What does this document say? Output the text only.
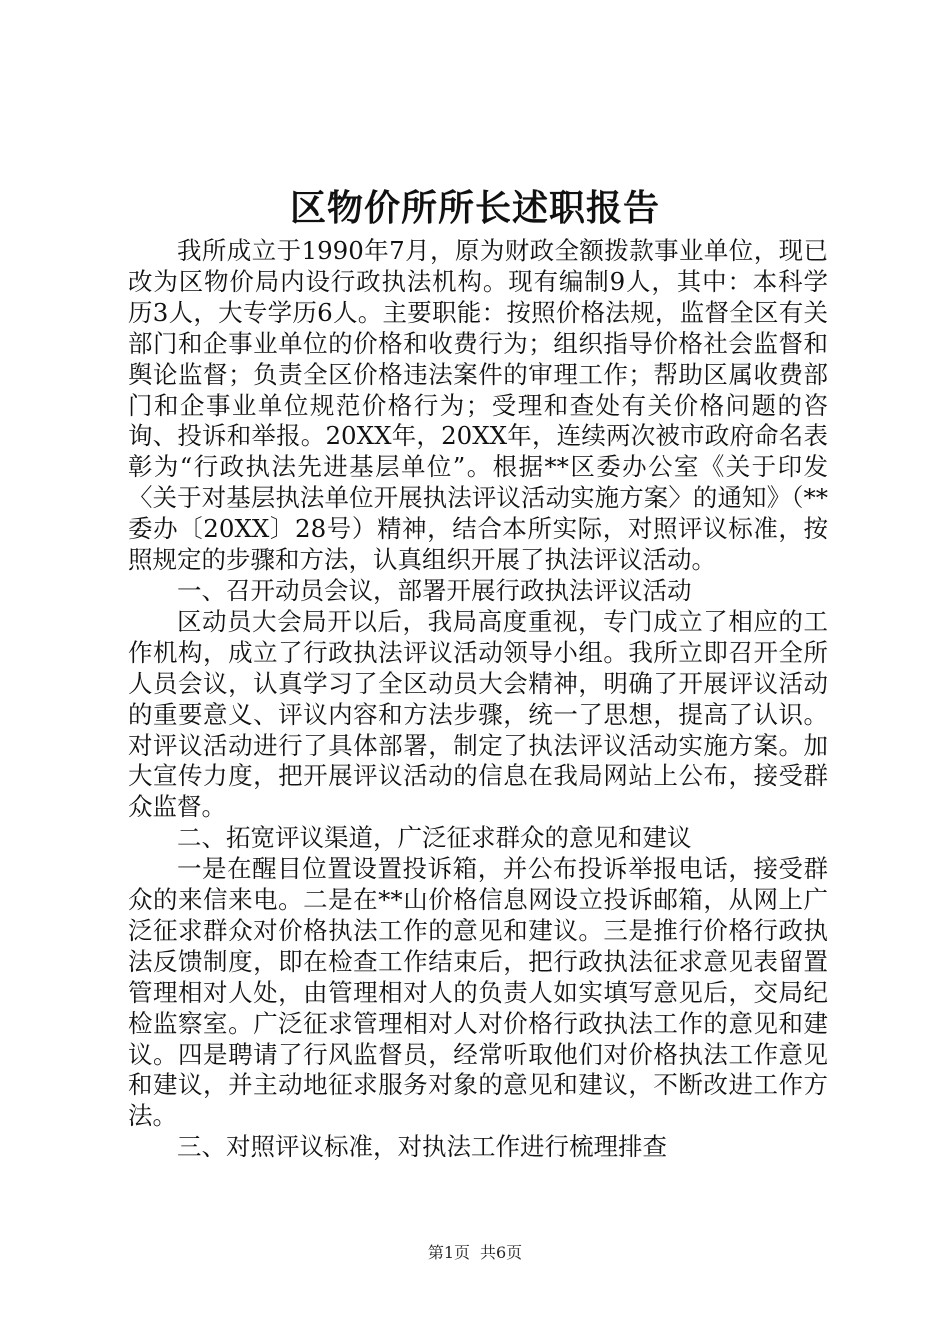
区物价所所长述职报告

我所成立于1990年7月，原为财政全额拨款事业单位，现已改为区物价局内设行政执法机构。现有编制9人，其中：本科学历3人，大专学历6人。主要职能：按照价格法规，监督全区有关部门和企事业单位的价格和收费行为；组织指导价格社会监督和舆论监督；负责全区价格违法案件的审理工作；帮助区属收费部门和企事业单位规范价格行为；受理和查处有关价格问题的咨询、投诉和举报。20XX年，20XX年，连续两次被市政府命名表彰为“行政执法先进基层单位”。根据**区委办公室《关于印发〈关于对基层执法单位开展执法评议活动实施方案〉的通知》（**委办〔20XX〕28号）精神，结合本所实际，对照评议标准，按照规定的步骤和方法，认真组织开展了执法评议活动。

一、召开动员会议，部署开展行政执法评议活动

区动员大会局开以后，我局高度重视，专门成立了相应的工作机构，成立了行政执法评议活动领导小组。我所立即召开全所人员会议，认真学习了全区动员大会精神，明确了开展评议活动的重要意义、评议内容和方法步骤，统一了思想，提高了认识。对评议活动进行了具体部署，制定了执法评议活动实施方案。加大宣传力度，把开展评议活动的信息在我局网站上公布，接受群众监督。

二、拓宽评议渠道，广泛征求群众的意见和建议

一是在醒目位置设置投诉箱，并公布投诉举报电话，接受群众的来信来电。二是在**山价格信息网设立投诉邮箱，从网上广泛征求群众对价格执法工作的意见和建议。三是推行价格行政执法反馈制度，即在检查工作结束后，把行政执法征求意见表留置管理相对人处，由管理相对人的负责人如实填写意见后，交局纪检监察室。广泛征求管理相对人对价格行政执法工作的意见和建议。四是聘请了行风监督员，经常听取他们对价格执法工作意见和建议，并主动地征求服务对象的意见和建议，不断改进工作方法。

三、对照评议标准，对执法工作进行梳理排查

第1页 共6页
